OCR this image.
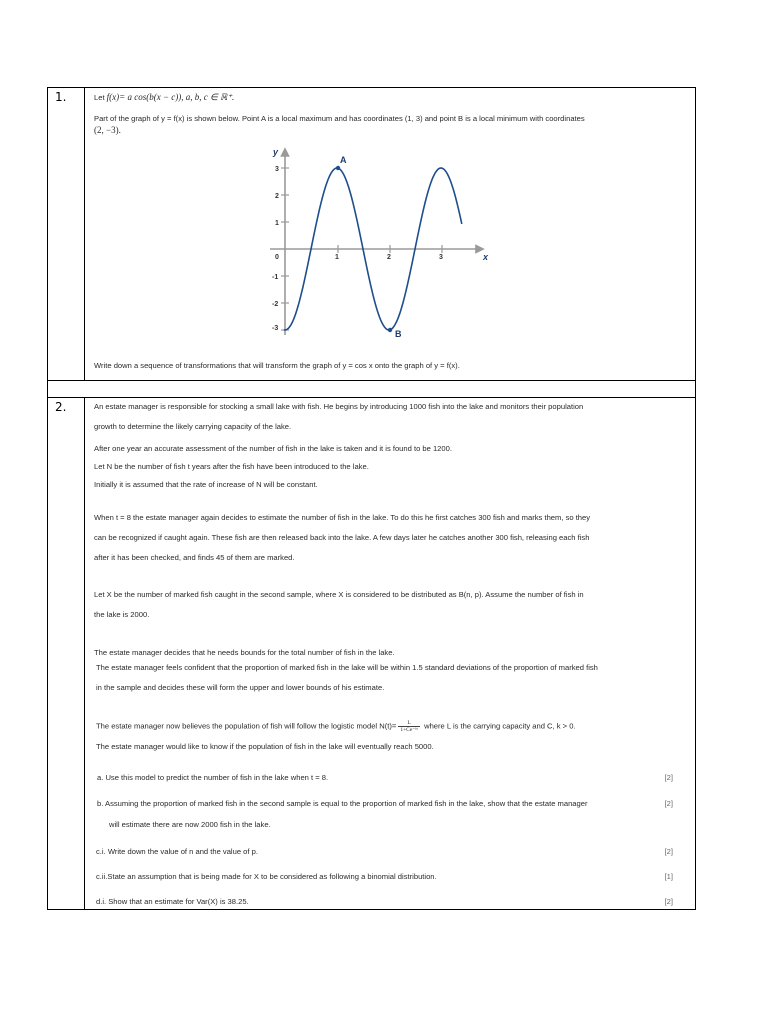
1.	Let f(x)= a cos(b(x − c)), a, b, c ∈ ℝ⁺.
Part of the graph of y = f(x) is shown below. Point A is a local maximum and has coordinates (1, 3) and point B is a local minimum with coordinates
(2, −3).
y
x
0	1	2	3
3
2
1
-1
-2
-3
A
B
Write down a sequence of transformations that will transform the graph of y = cos x onto the graph of y = f(x).
2.	An estate manager is responsible for stocking a small lake with fish. He begins by introducing 1000 fish into the lake and monitors their population
growth to determine the likely carrying capacity of the lake.
After one year an accurate assessment of the number of fish in the lake is taken and it is found to be 1200.
Let N be the number of fish t years after the fish have been introduced to the lake.
Initially it is assumed that the rate of increase of N will be constant.
When t = 8 the estate manager again decides to estimate the number of fish in the lake. To do this he first catches 300 fish and marks them, so they
can be recognized if caught again. These fish are then released back into the lake. A few days later he catches another 300 fish, releasing each fish
after it has been checked, and finds 45 of them are marked.
Let X be the number of marked fish caught in the second sample, where X is considered to be distributed as B(n, p). Assume the number of fish in
the lake is 2000.
The estate manager decides that he needs bounds for the total number of fish in the lake.
The estate manager feels confident that the proportion of marked fish in the lake will be within 1.5 standard deviations of the proportion of marked fish
in the sample and decides these will form the upper and lower bounds of his estimate.
The estate manager now believes the population of fish will follow the logistic model $N(t)= \frac{L}{\text{1+Ce⁻ᵏᵗ}}$ where L is the carrying capacity and C, k > 0.
The estate manager would like to know if the population of fish in the lake will eventually reach 5000.
a. Use this model to predict the number of fish in the lake when t = 8.	[2]
b. Assuming the proportion of marked fish in the second sample is equal to the proportion of marked fish in the lake, show that the estate manager	[2]
will estimate there are now 2000 fish in the lake.
c.i. Write down the value of n and the value of p.	[2]
c.ii.State an assumption that is being made for X to be considered as following a binomial distribution.	[1]
d.i. Show that an estimate for Var(X) is 38.25.	[2]
